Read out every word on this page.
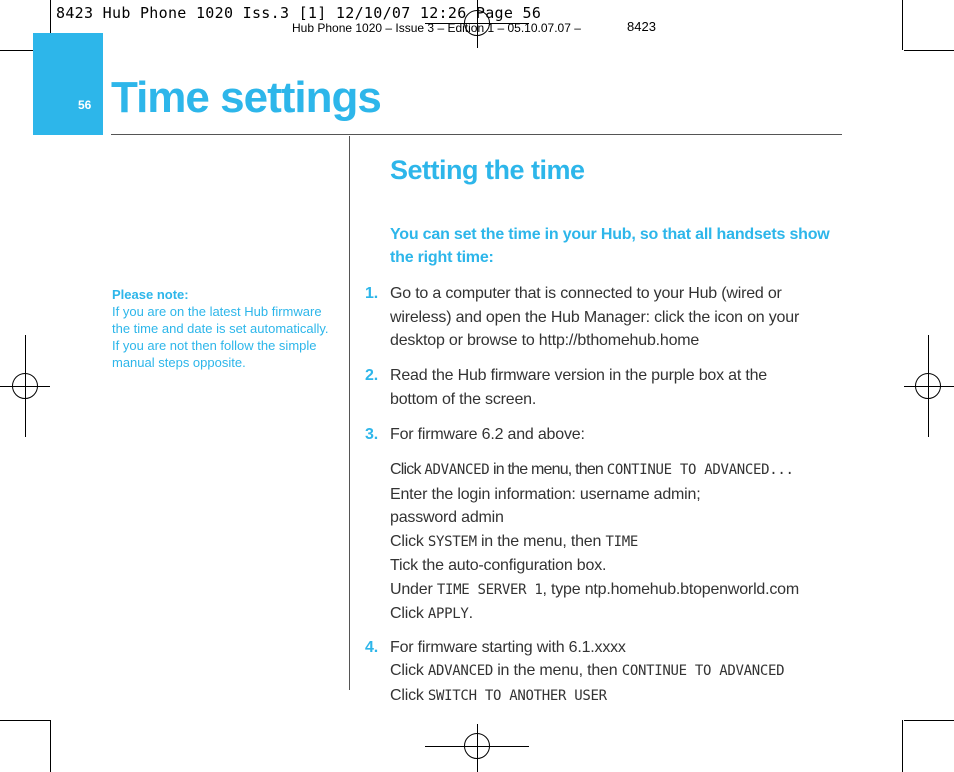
Hub Phone 1020 – Issue 3 – Edition 1 – 05.10.07.07 –	8423
8423 Hub Phone 1020 Iss.3 [1] 12/10/07 12:26 Page 56
56 Time settings
Please note:
If you are on the latest Hub firmware
the time and date is set automatically.
If you are not then follow the simple
manual steps opposite.
Setting the time
You can set the time in your Hub, so that all handsets show
the right time:
1. Go to a computer that is connected to your Hub (wired or
wireless) and open the Hub Manager: click the icon on your
desktop or browse to http://bthomehub.home
2. Read the Hub firmware version in the purple box at the
bottom of the screen.
3. For firmware 6.2 and above:
Click ADVANCED in the menu, then CONTINUE TO ADVANCED...
Enter the login information: username admin;
password admin
Click SYSTEM in the menu, then TIME
Tick the auto-configuration box.
Under TIME SERVER 1, type ntp.homehub.btopenworld.com
Click APPLY.
4. For firmware starting with 6.1.xxxx
Click ADVANCED in the menu, then CONTINUE TO ADVANCED
Click SWITCH TO ANOTHER USER
